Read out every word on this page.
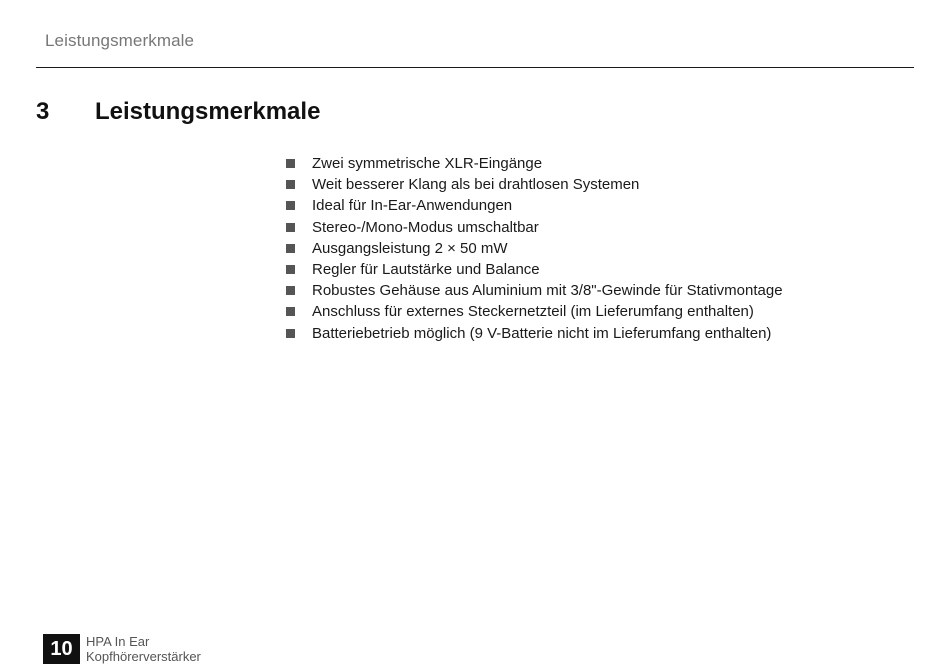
Leistungsmerkmale
3	Leistungsmerkmale
Zwei symmetrische XLR-Eingänge
Weit besserer Klang als bei drahtlosen Systemen
Ideal für In-Ear-Anwendungen
Stereo-/Mono-Modus umschaltbar
Ausgangsleistung 2 × 50 mW
Regler für Lautstärke und Balance
Robustes Gehäuse aus Aluminium mit 3/8"-Gewinde für Stativmontage
Anschluss für externes Steckernetzteil (im Lieferumfang enthalten)
Batteriebetrieb möglich (9 V-Batterie nicht im Lieferumfang enthalten)
10	HPA In Ear
Kopfhörerverstärker
